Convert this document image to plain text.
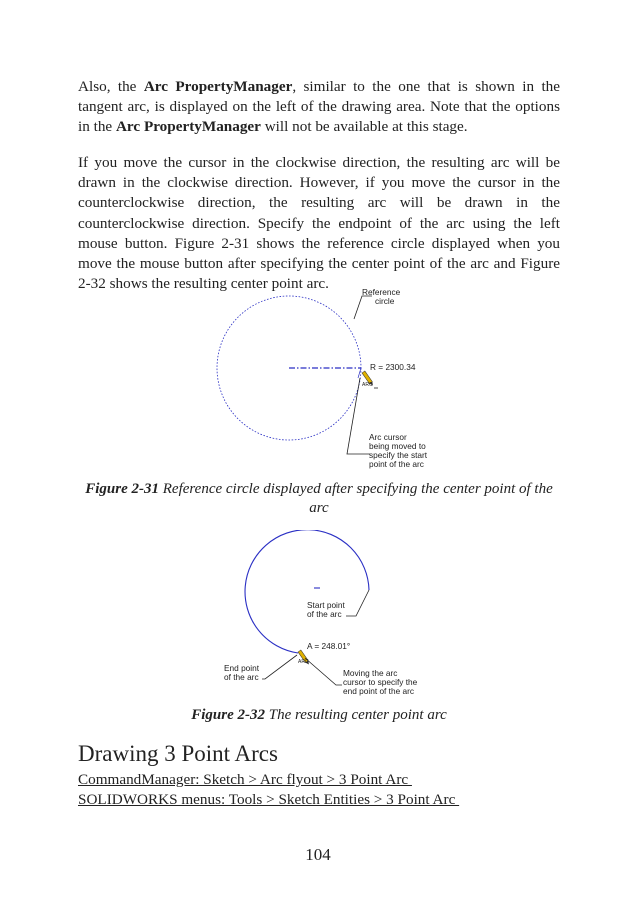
Also, the Arc PropertyManager, similar to the one that is shown in the tangent arc, is displayed on the left of the drawing area. Note that the options in the Arc PropertyManager will not be available at this stage.

If you move the cursor in the clockwise direction, the resulting arc will be drawn in the clockwise direction. However, if you move the cursor in the counterclockwise direction, the resulting arc will be drawn in the counterclockwise direction. Specify the endpoint of the arc using the left mouse button. Figure 2-31 shows the reference circle displayed when you move the mouse button after specifying the center point of the arc and Figure 2-32 shows the resulting center point arc.

ARC
R = 2300.34
Reference
circle
Arc cursor
being moved to
specify the start
point of the arc

Figure 2-31 Reference circle displayed after specifying the center point of the arc

ARC
Start point
of the arc
A = 248.01°
End point
of the arc	Moving the arc
cursor to specify the
end point of the arc

Figure 2-32 The resulting center point arc

Drawing 3 Point Arcs

CommandManager: Sketch > Arc flyout > 3 Point Arc

SOLIDWORKS menus: Tools > Sketch Entities > 3 Point Arc

104
